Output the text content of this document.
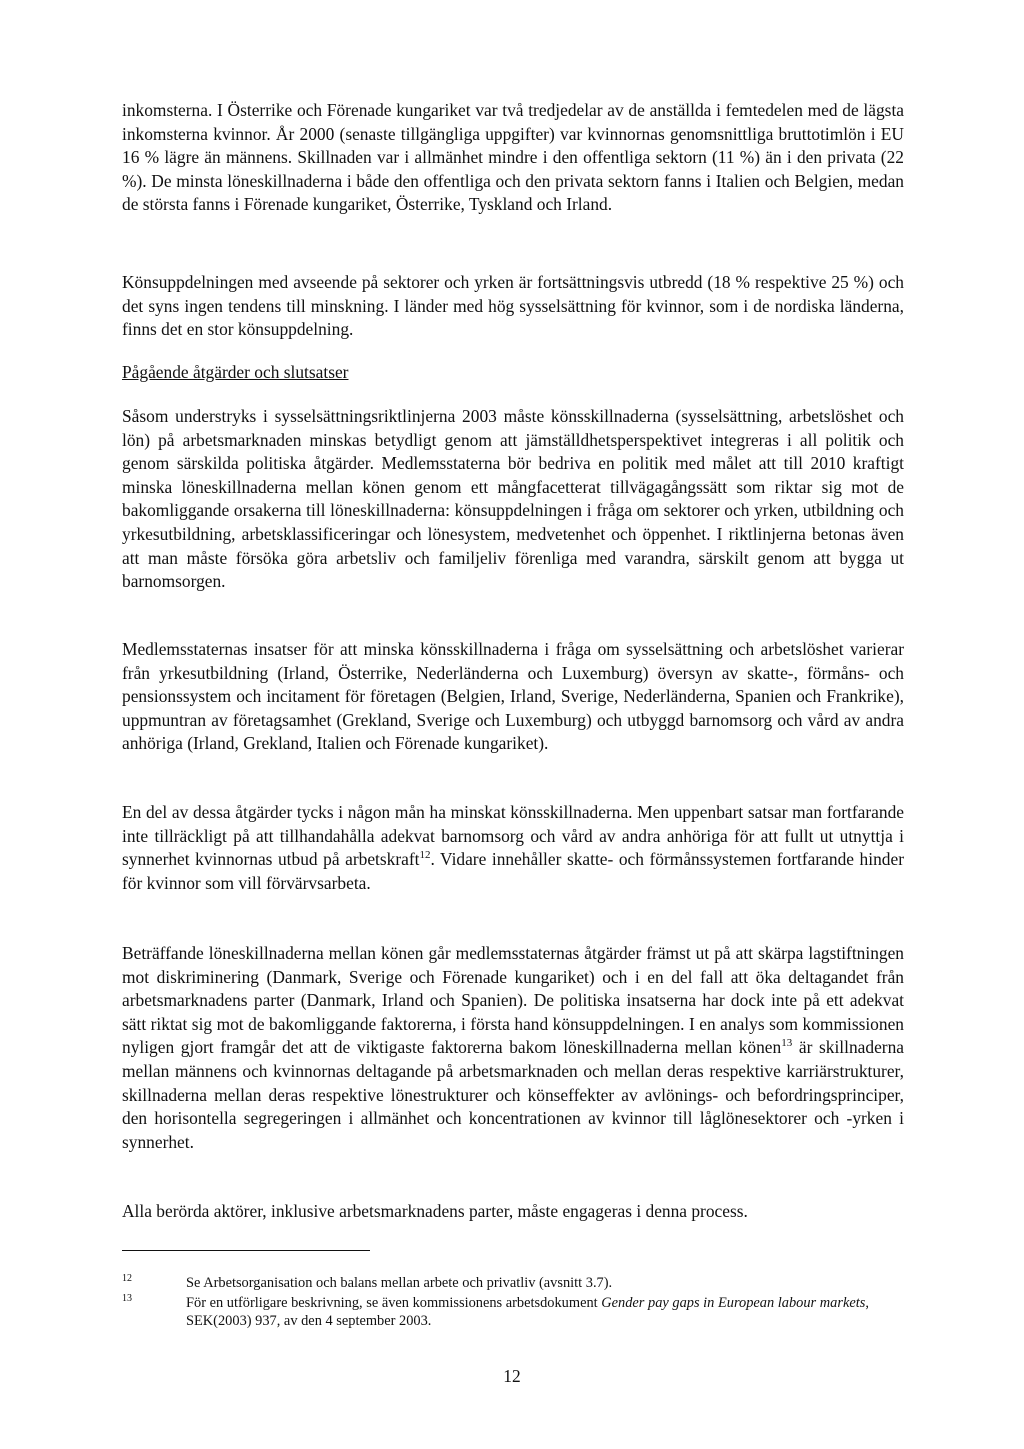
inkomsterna. I Österrike och Förenade kungariket var två tredjedelar av de anställda i femtedelen med de lägsta inkomsterna kvinnor. År 2000 (senaste tillgängliga uppgifter) var kvinnornas genomsnittliga bruttotimlön i EU 16 % lägre än männens. Skillnaden var i allmänhet mindre i den offentliga sektorn (11 %) än i den privata (22 %). De minsta löneskillnaderna i både den offentliga och den privata sektorn fanns i Italien och Belgien, medan de största fanns i Förenade kungariket, Österrike, Tyskland och Irland.

Könsuppdelningen med avseende på sektorer och yrken är fortsättningsvis utbredd (18 % respektive 25 %) och det syns ingen tendens till minskning. I länder med hög sysselsättning för kvinnor, som i de nordiska länderna, finns det en stor könsuppdelning.

Pågående åtgärder och slutsatser

Såsom understryks i sysselsättningsriktlinjerna 2003 måste könsskillnaderna (sysselsättning, arbetslöshet och lön) på arbetsmarknaden minskas betydligt genom att jämställdhetsperspektivet integreras i all politik och genom särskilda politiska åtgärder. Medlemsstaterna bör bedriva en politik med målet att till 2010 kraftigt minska löneskillnaderna mellan könen genom ett mångfacetterat tillvägagångssätt som riktar sig mot de bakomliggande orsakerna till löneskillnaderna: könsuppdelningen i fråga om sektorer och yrken, utbildning och yrkesutbildning, arbetsklassificeringar och lönesystem, medvetenhet och öppenhet. I riktlinjerna betonas även att man måste försöka göra arbetsliv och familjeliv förenliga med varandra, särskilt genom att bygga ut barnomsorgen.

Medlemsstaternas insatser för att minska könsskillnaderna i fråga om sysselsättning och arbetslöshet varierar från yrkesutbildning (Irland, Österrike, Nederländerna och Luxemburg) översyn av skatte-, förmåns- och pensionssystem och incitament för företagen (Belgien, Irland, Sverige, Nederländerna, Spanien och Frankrike), uppmuntran av företagsamhet (Grekland, Sverige och Luxemburg) och utbyggd barnomsorg och vård av andra anhöriga (Irland, Grekland, Italien och Förenade kungariket).

En del av dessa åtgärder tycks i någon mån ha minskat könsskillnaderna. Men uppenbart satsar man fortfarande inte tillräckligt på att tillhandahålla adekvat barnomsorg och vård av andra anhöriga för att fullt ut utnyttja i synnerhet kvinnornas utbud på arbetskraft$^{12}$. Vidare innehåller skatte- och förmånssystemen fortfarande hinder för kvinnor som vill förvärvsarbeta.

Beträffande löneskillnaderna mellan könen går medlemsstaternas åtgärder främst ut på att skärpa lagstiftningen mot diskriminering (Danmark, Sverige och Förenade kungariket) och i en del fall att öka deltagandet från arbetsmarknadens parter (Danmark, Irland och Spanien). De politiska insatserna har dock inte på ett adekvat sätt riktat sig mot de bakomliggande faktorerna, i första hand könsuppdelningen. I en analys som kommissionen nyligen gjort framgår det att de viktigaste faktorerna bakom löneskillnaderna mellan könen$^{13}$ är skillnaderna mellan männens och kvinnornas deltagande på arbetsmarknaden och mellan deras respektive karriärstrukturer, skillnaderna mellan deras respektive lönestrukturer och könseffekter av avlönings- och befordringsprinciper, den horisontella segregeringen i allmänhet och koncentrationen av kvinnor till låglönesektorer och -yrken i synnerhet.

Alla berörda aktörer, inklusive arbetsmarknadens parter, måste engageras i denna process.

12	Se Arbetsorganisation och balans mellan arbete och privatliv (avsnitt 3.7).
13	För en utförligare beskrivning, se även kommissionens arbetsdokument Gender pay gaps in European labour markets, SEK(2003) 937, av den 4 september 2003.
12
